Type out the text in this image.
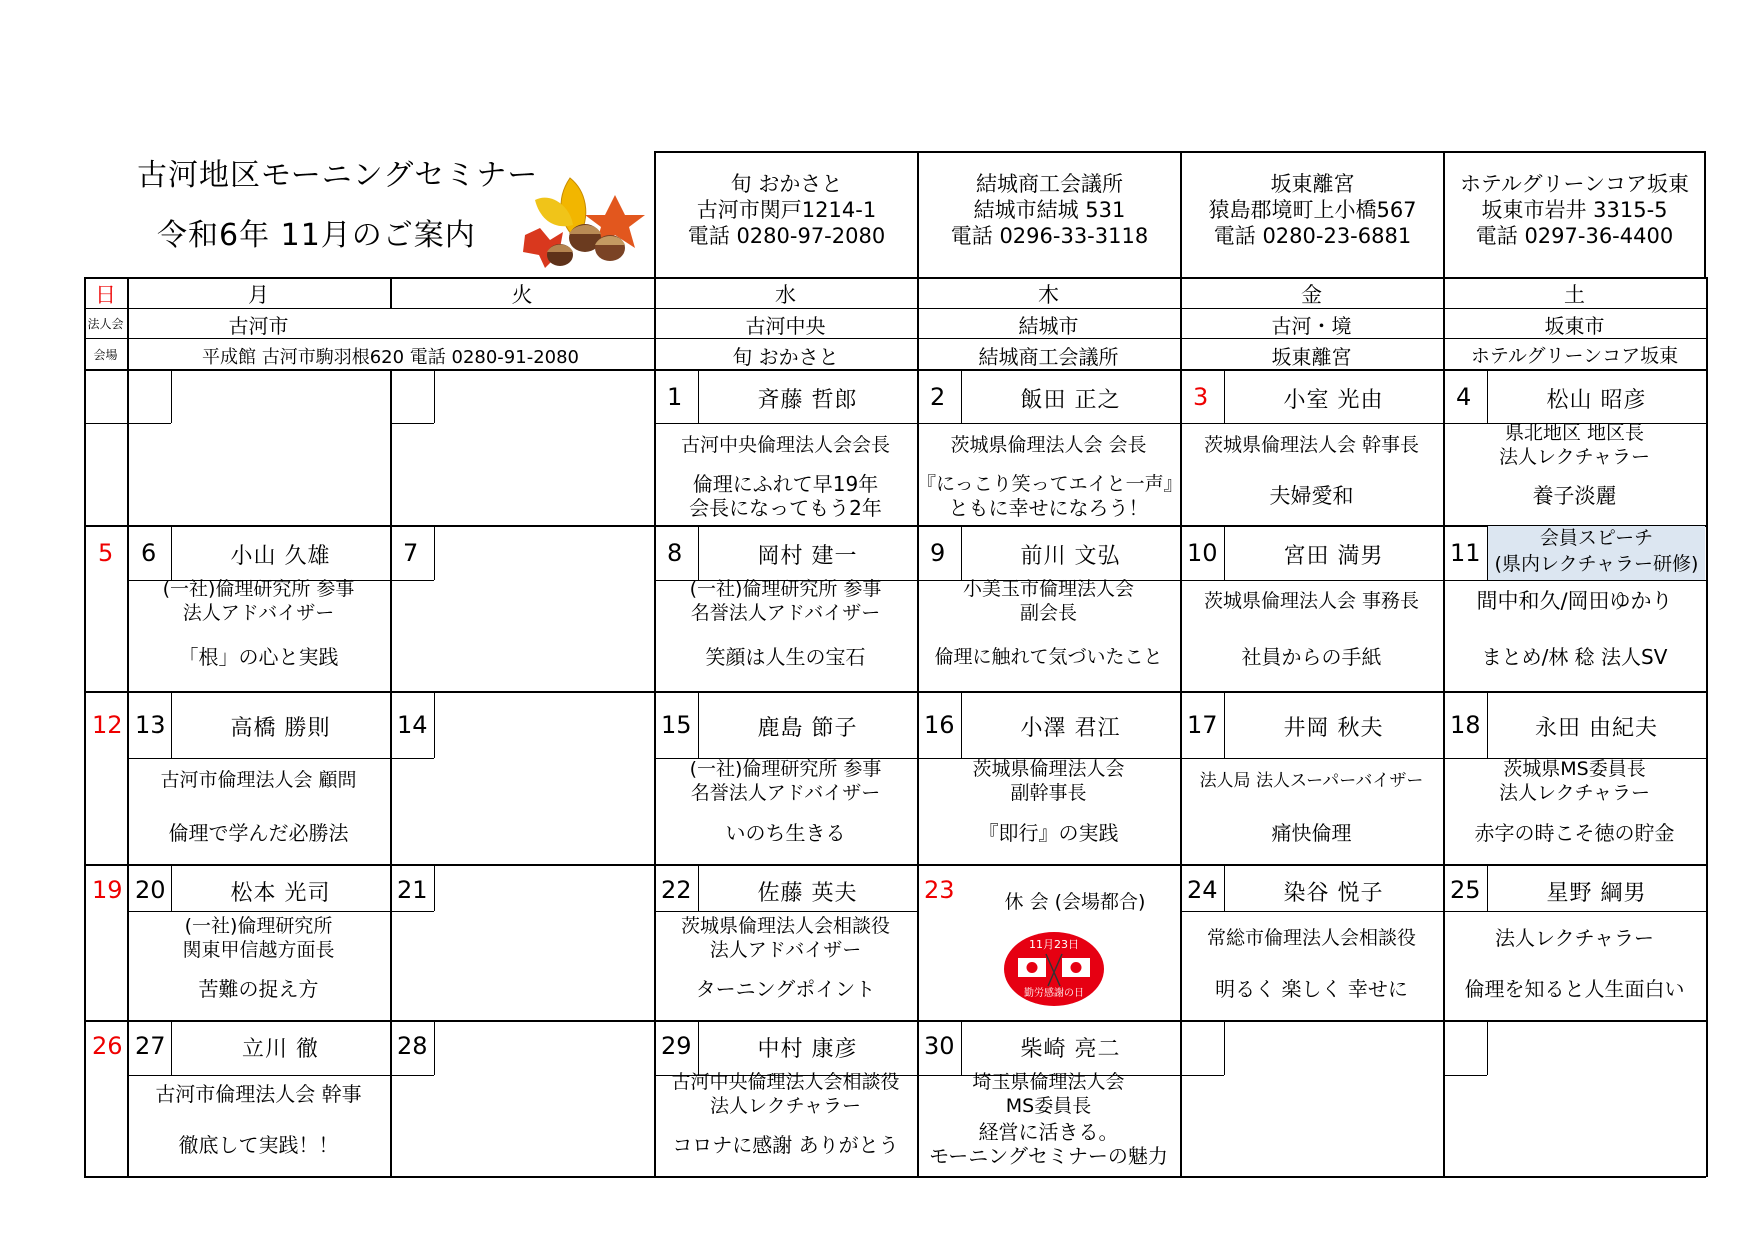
古河地区モーニングセミナー
令和6年 11月のご案内
旬 おかさと
古河市関戸1214-1
電話 0280-97-2080
結城商工会議所
結城市結城 531
電話 0296-33-3118
坂東離宮
猿島郡境町上小橋567
電話 0280-23-6881
ホテルグリーンコア坂東
坂東市岩井 3315-5
電話 0297-36-4400
日	月	火	水	木	金	土
法人会	古河市	古河中央	結城市	古河・境	坂東市
会場	平成館 古河市駒羽根620 電話 0280-91-2080	旬 おかさと	結城商工会議所	坂東離宮	ホテルグリーンコア坂東
1	斉藤 哲郎
古河中央倫理法人会会長
倫理にふれて早19年
会長になってもう2年
2	飯田 正之
茨城県倫理法人会 会長
『にっこり笑ってエイと一声』
ともに幸せになろう！
3	小室 光由
茨城県倫理法人会 幹事長
夫婦愛和
4	松山 昭彦
県北地区 地区長
法人レクチャラー
養子淡麗
5 6	小山 久雄
(一社)倫理研究所 参事
法人アドバイザー
「根」の心と実践
7	8	岡村 建一
(一社)倫理研究所 参事
名誉法人アドバイザー
笑顔は人生の宝石
9	前川 文弘
小美玉市倫理法人会
副会長
倫理に触れて気づいたこと
10	宮田 満男
茨城県倫理法人会 事務長
社員からの手紙
11
会員スピーチ
(県内レクチャラー研修)
間中和久/岡田ゆかり
まとめ/林 稔 法人SV
12 13	高橋 勝則
古河市倫理法人会 顧問
倫理で学んだ必勝法
14	15	鹿島 節子
(一社)倫理研究所 参事
名誉法人アドバイザー
いのち生きる
16	小澤 君江
茨城県倫理法人会
副幹事長
『即行』の実践
17	井岡 秋夫
法人局 法人スーパーバイザー
痛快倫理
18	永田 由紀夫
茨城県MS委員長
法人レクチャラー
赤字の時こそ徳の貯金
19 20	松本 光司
(一社)倫理研究所
関東甲信越方面長
苦難の捉え方
21	22	佐藤 英夫
茨城県倫理法人会相談役
法人アドバイザー
ターニングポイント
23	休 会 (会場都合)
11月23日
勤労感謝の日
24	染谷 悦子
常総市倫理法人会相談役
明るく 楽しく 幸せに
25	星野 綱男
法人レクチャラー
倫理を知ると人生面白い
26 27	立川 徹
古河市倫理法人会 幹事
徹底して実践！！
28	29	中村 康彦
古河中央倫理法人会相談役
法人レクチャラー
コロナに感謝 ありがとう
30	柴崎 亮二
埼玉県倫理法人会
MS委員長
経営に活きる。
モーニングセミナーの魅力
